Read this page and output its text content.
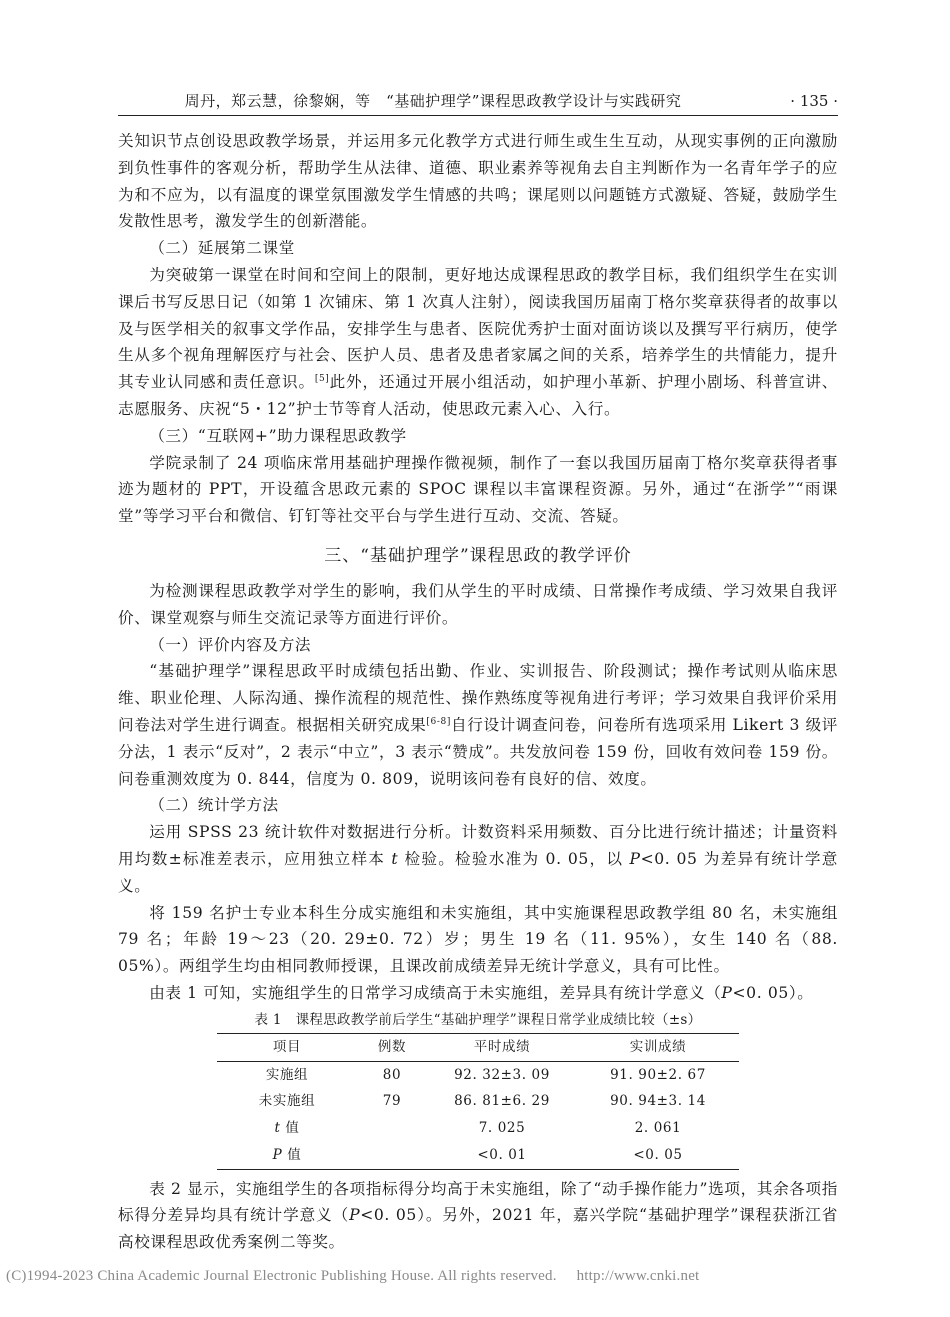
周丹，郑云慧，徐黎娴，等　“基础护理学”课程思政教学设计与实践研究	· 135 ·

关知识节点创设思政教学场景，并运用多元化教学方式进行师生或生生互动，从现实事例的正向激励到负性事件的客观分析，帮助学生从法律、道德、职业素养等视角去自主判断作为一名青年学子的应为和不应为，以有温度的课堂氛围激发学生情感的共鸣；课尾则以问题链方式激疑、答疑，鼓励学生发散性思考，激发学生的创新潜能。

（二）延展第二课堂

为突破第一课堂在时间和空间上的限制，更好地达成课程思政的教学目标，我们组织学生在实训课后书写反思日记（如第 1 次铺床、第 1 次真人注射），阅读我国历届南丁格尔奖章获得者的故事以及与医学相关的叙事文学作品，安排学生与患者、医院优秀护士面对面访谈以及撰写平行病历，使学生从多个视角理解医疗与社会、医护人员、患者及患者家属之间的关系，培养学生的共情能力，提升其专业认同感和责任意识。[5]此外，还通过开展小组活动，如护理小革新、护理小剧场、科普宣讲、志愿服务、庆祝“5・12”护士节等育人活动，使思政元素入心、入行。

（三）“互联网+”助力课程思政教学

学院录制了 24 项临床常用基础护理操作微视频，制作了一套以我国历届南丁格尔奖章获得者事迹为题材的 PPT，开设蕴含思政元素的 SPOC 课程以丰富课程资源。另外，通过“在浙学”“雨课堂”等学习平台和微信、钉钉等社交平台与学生进行互动、交流、答疑。

三、“基础护理学”课程思政的教学评价

为检测课程思政教学对学生的影响，我们从学生的平时成绩、日常操作考成绩、学习效果自我评价、课堂观察与师生交流记录等方面进行评价。

（一）评价内容及方法

“基础护理学”课程思政平时成绩包括出勤、作业、实训报告、阶段测试；操作考试则从临床思维、职业伦理、人际沟通、操作流程的规范性、操作熟练度等视角进行考评；学习效果自我评价采用问卷法对学生进行调查。根据相关研究成果[6-8]自行设计调查问卷，问卷所有选项采用 Likert 3 级评分法，1 表示“反对”，2 表示“中立”，3 表示“赞成”。共发放问卷 159 份，回收有效问卷 159 份。问卷重测效度为 0. 844，信度为 0. 809，说明该问卷有良好的信、效度。

（二）统计学方法

运用 SPSS 23 统计软件对数据进行分析。计数资料采用频数、百分比进行统计描述；计量资料用均数±标准差表示，应用独立样本 t 检验。检验水准为 0. 05，以 P<0. 05 为差异有统计学意义。

将 159 名护士专业本科生分成实施组和未实施组，其中实施课程思政教学组 80 名，未实施组 79 名；年龄 19～23（20. 29±0. 72）岁；男生 19 名（11. 95%），女生 140 名（88. 05%）。两组学生均由相同教师授课，且课改前成绩差异无统计学意义，具有可比性。

由表 1 可知，实施组学生的日常学习成绩高于未实施组，差异具有统计学意义（P<0. 05）。

表 1　课程思政教学前后学生“基础护理学”课程日常学业成绩比较（±s）
项目	例数	平时成绩	实训成绩
实施组	80	92. 32±3. 09	91. 90±2. 67
未实施组	79	86. 81±6. 29	90. 94±3. 14
t 值		7. 025	2. 061
P 值		<0. 01	<0. 05

表 2 显示，实施组学生的各项指标得分均高于未实施组，除了“动手操作能力”选项，其余各项指标得分差异均具有统计学意义（P<0. 05）。另外，2021 年，嘉兴学院“基础护理学”课程获浙江省高校课程思政优秀案例二等奖。

(C)1994-2023 China Academic Journal Electronic Publishing House. All rights reserved. http://www.cnki.net
